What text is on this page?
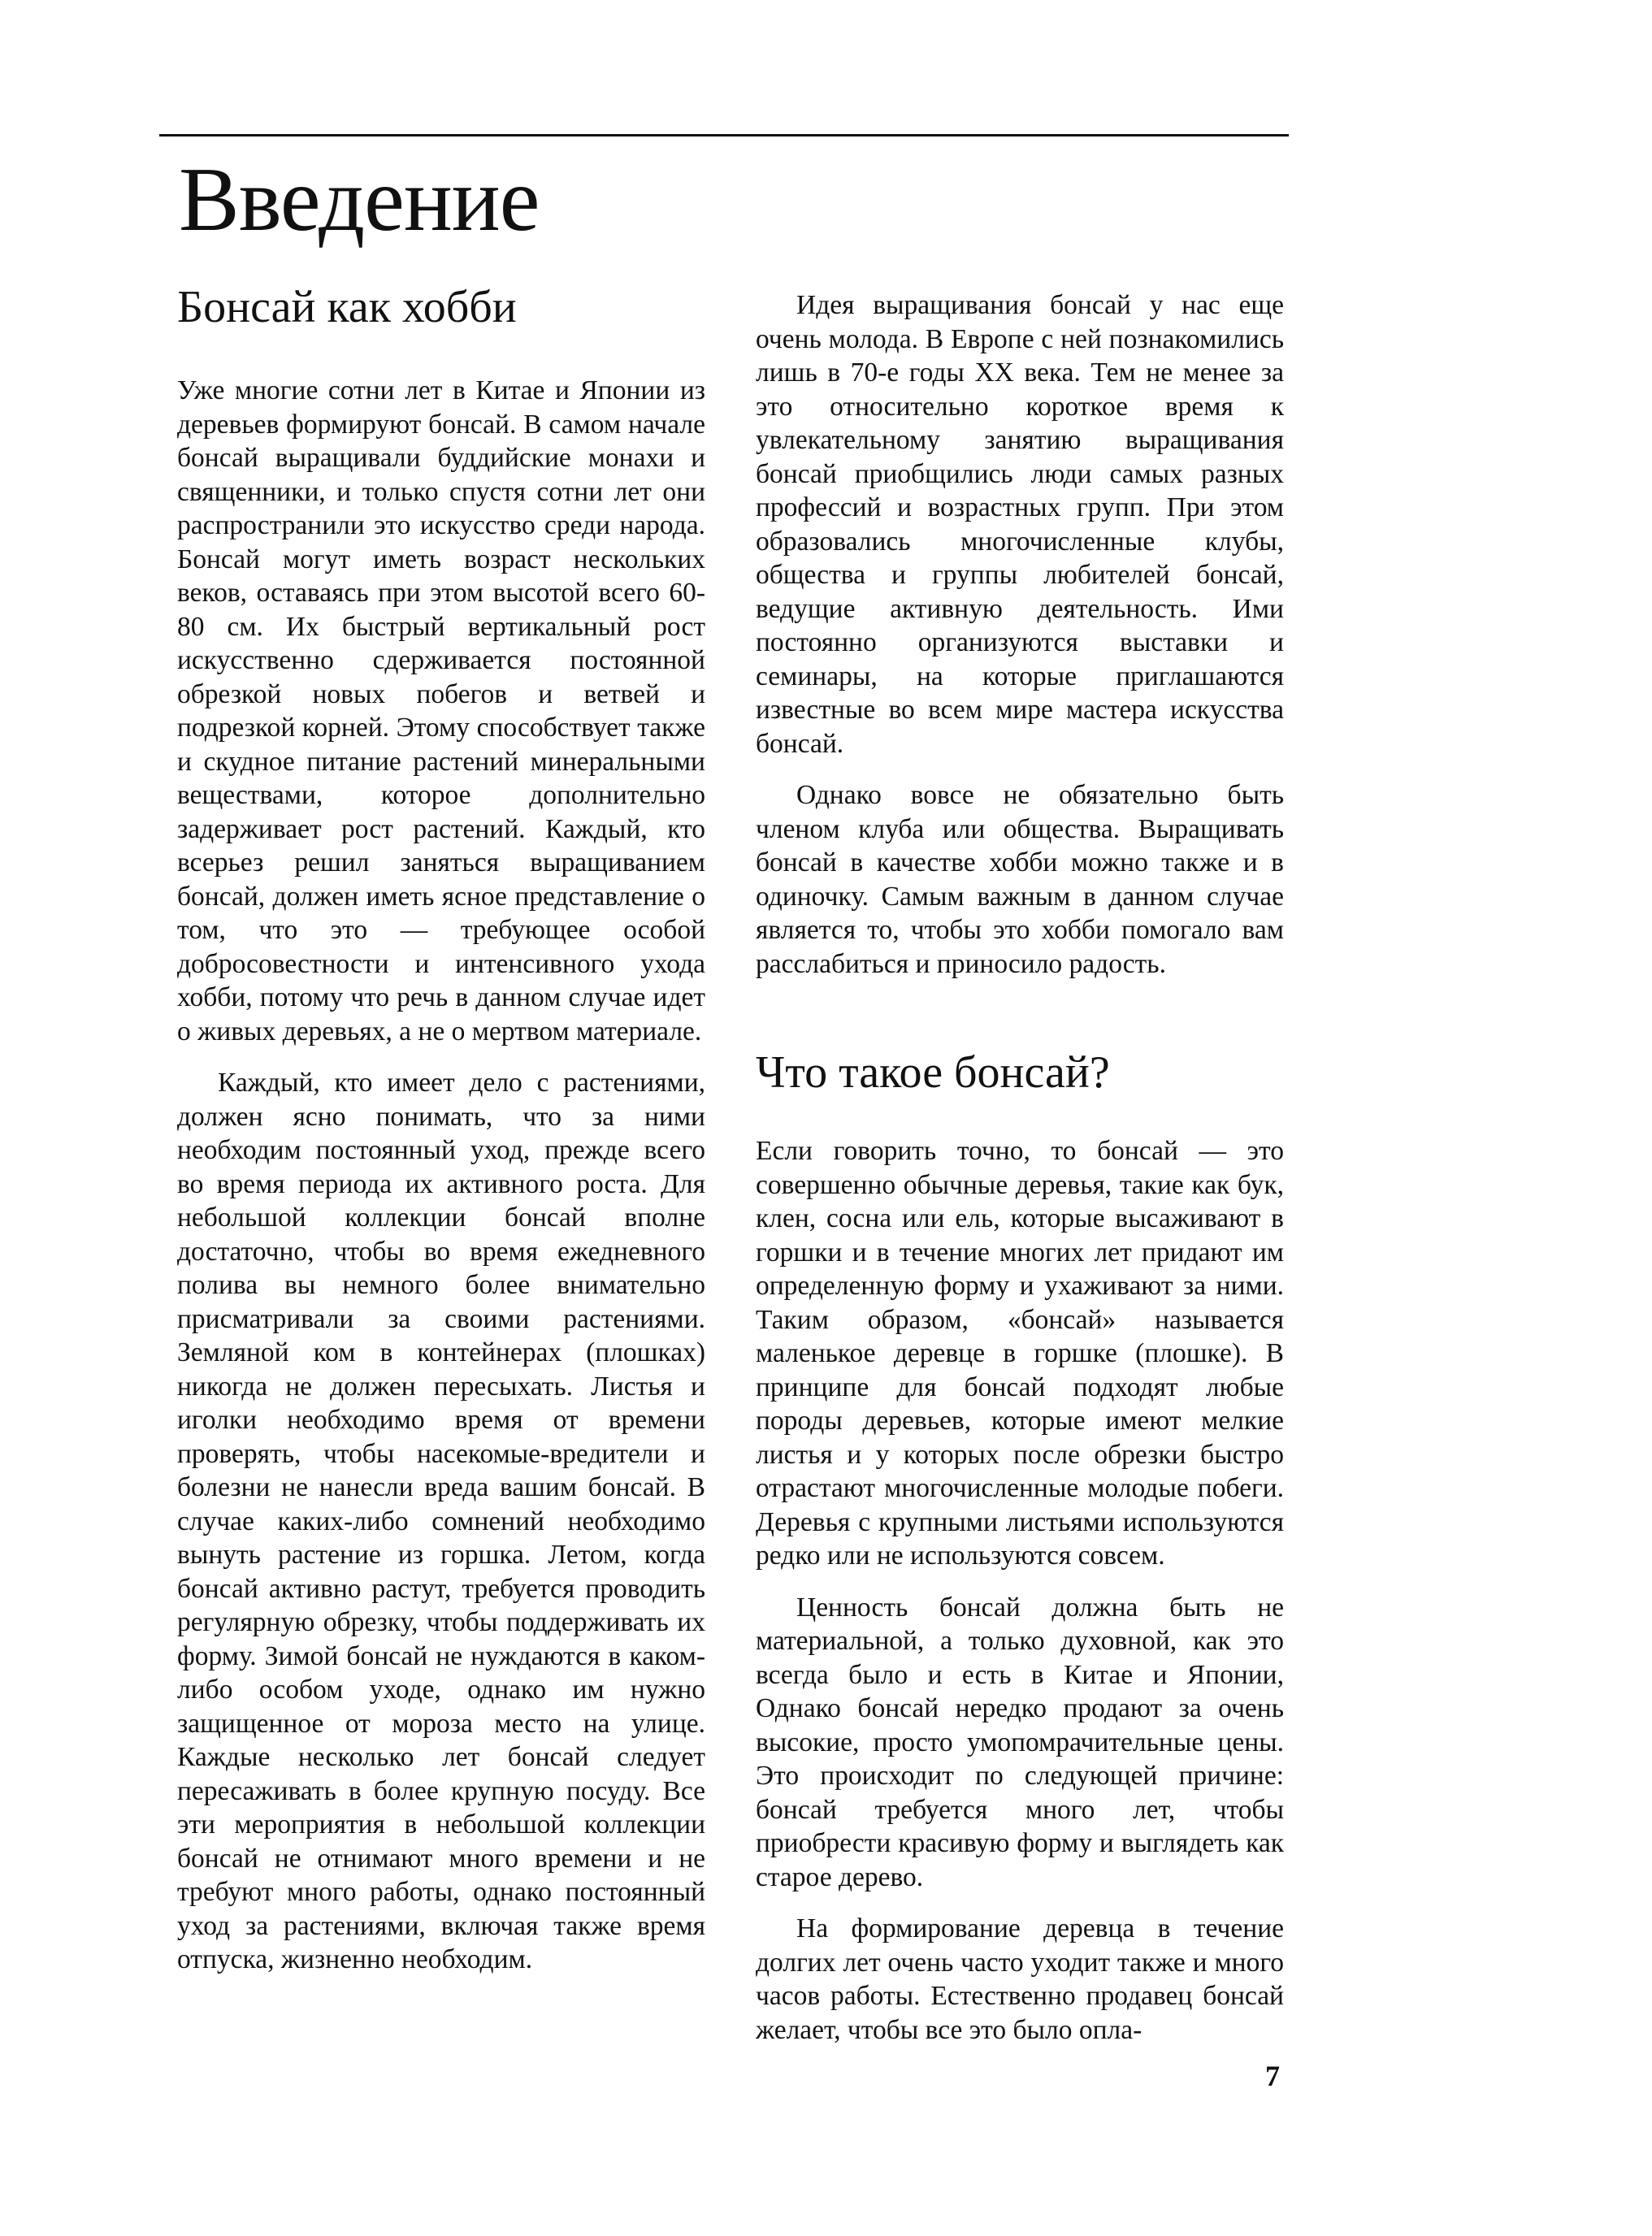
Введение
Бонсай как хобби

Уже многие сотни лет в Китае и Японии из деревьев формируют бонсай. В самом начале бонсай выращивали буддийские монахи и священники, и только спустя сотни лет они распространили это искусство среди народа. Бонсай могут иметь возраст нескольких веков, оставаясь при этом высотой всего 60-80 см. Их быстрый вертикальный рост искусственно сдерживается постоянной обрезкой новых побегов и ветвей и подрезкой корней. Этому способствует также и скудное питание растений минеральными веществами, которое дополнительно задерживает рост растений. Каждый, кто всерьез решил заняться выращиванием бонсай, должен иметь ясное представление о том, что это — требующее особой добросовестности и интенсивного ухода хобби, потому что речь в данном случае идет о живых деревьях, а не о мертвом материале.

Каждый, кто имеет дело с растениями, должен ясно понимать, что за ними необходим постоянный уход, прежде всего во время периода их активного роста. Для небольшой коллекции бонсай вполне достаточно, чтобы во время ежедневного полива вы немного более внимательно присматривали за своими растениями. Земляной ком в контейнерах (плошках) никогда не должен пересыхать. Листья и иголки необходимо время от времени проверять, чтобы насекомые-вредители и болезни не нанесли вреда вашим бонсай. В случае каких-либо сомнений необходимо вынуть растение из горшка. Летом, когда бонсай активно растут, требуется проводить регулярную обрезку, чтобы поддерживать их форму. Зимой бонсай не нуждаются в каком-либо особом уходе, однако им нужно защищенное от мороза место на улице. Каждые несколько лет бонсай следует пересаживать в более крупную посуду. Все эти мероприятия в небольшой коллекции бонсай не отнимают много времени и не требуют много работы, однако постоянный уход за растениями, включая также время отпуска, жизненно необходим.

Идея выращивания бонсай у нас еще очень молода. В Европе с ней познакомились лишь в 70-е годы XX века. Тем не менее за это относительно короткое время к увлекательному занятию выращивания бонсай приобщились люди самых разных профессий и возрастных групп. При этом образовались многочисленные клубы, общества и группы любителей бонсай, ведущие активную деятельность. Ими постоянно организуются выставки и семинары, на которые приглашаются известные во всем мире мастера искусства бонсай.

Однако вовсе не обязательно быть членом клуба или общества. Выращивать бонсай в качестве хобби можно также и в одиночку. Самым важным в данном случае является то, чтобы это хобби помогало вам расслабиться и приносило радость.

Что такое бонсай?

Если говорить точно, то бонсай — это совершенно обычные деревья, такие как бук, клен, сосна или ель, которые высаживают в горшки и в течение многих лет придают им определенную форму и ухаживают за ними. Таким образом, «бонсай» называется маленькое деревце в горшке (плошке). В принципе для бонсай подходят любые породы деревьев, которые имеют мелкие листья и у которых после обрезки быстро отрастают многочисленные молодые побеги. Деревья с крупными листьями используются редко или не используются совсем.

Ценность бонсай должна быть не материальной, а только духовной, как это всегда было и есть в Китае и Японии, Однако бонсай нередко продают за очень высокие, просто умопомрачительные цены. Это происходит по следующей причине: бонсай требуется много лет, чтобы приобрести красивую форму и выглядеть как старое дерево.

На формирование деревца в течение долгих лет очень часто уходит также и много часов работы. Естественно продавец бонсай желает, чтобы все это было опла-

7
